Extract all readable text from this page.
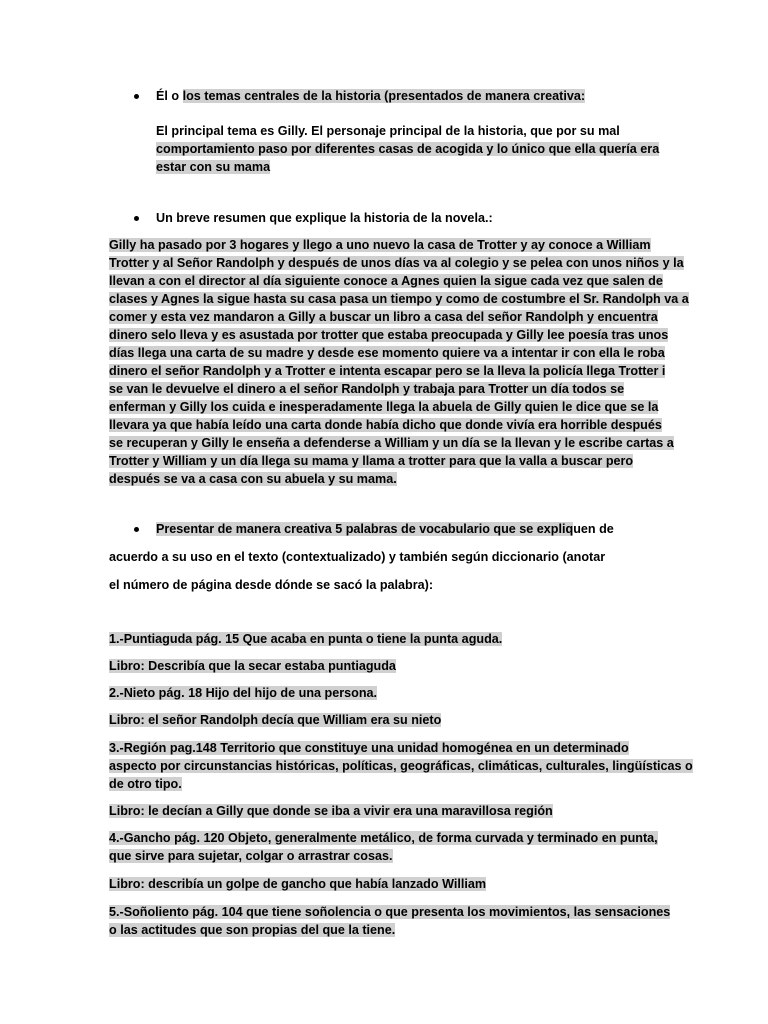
Él o los temas centrales de la historia (presentados de manera creativa:
El principal tema es Gilly. El personaje principal de la historia, que por su mal
comportamiento paso por diferentes casas de acogida y lo único que ella quería era
estar con su mama
Un breve resumen que explique la historia de la novela.:
Gilly ha pasado por 3 hogares y llego a uno nuevo la casa de Trotter y ay conoce a William
Trotter y al Señor Randolph y después de unos días va al colegio y se pelea con unos niños y la
llevan a con el director al día siguiente conoce a Agnes quien la sigue cada vez que salen de
clases y Agnes la sigue hasta su casa pasa un tiempo y como de costumbre el Sr. Randolph va a
comer y esta vez mandaron a Gilly a buscar un libro a casa del señor Randolph y encuentra
dinero selo lleva y es asustada por trotter que estaba preocupada y Gilly lee poesía tras unos
días llega una carta de su madre y desde ese momento quiere va a intentar ir con ella le roba
dinero el señor Randolph y a Trotter e intenta escapar pero se la lleva la policía llega Trotter i
se van le devuelve el dinero a el señor Randolph y trabaja para Trotter un día todos se
enferman y Gilly los cuida e inesperadamente llega la abuela de Gilly quien le dice que se la
llevara ya que había leído una carta donde había dicho que donde vivía era horrible después
se recuperan y Gilly le enseña a defenderse a William y un día se la llevan y le escribe cartas a
Trotter y William y un día llega su mama y llama a trotter para que la valla a buscar pero
después se va a casa con su abuela y su mama.
Presentar de manera creativa 5 palabras de vocabulario que se expliquen de
acuerdo a su uso en el texto (contextualizado) y también según diccionario (anotar
el número de página desde dónde se sacó la palabra):
1.-Puntiaguda pág. 15 Que acaba en punta o tiene la punta aguda.
Libro: Describía que la secar estaba puntiaguda
2.-Nieto pág. 18 Hijo del hijo de una persona.
Libro: el señor Randolph decía que William era su nieto
3.-Región pag.148 Territorio que constituye una unidad homogénea en un determinado
aspecto por circunstancias históricas, políticas, geográficas, climáticas, culturales, lingüísticas o
de otro tipo.
Libro: le decían a Gilly que donde se iba a vivir era una maravillosa región
4.-Gancho pág. 120 Objeto, generalmente metálico, de forma curvada y terminado en punta,
que sirve para sujetar, colgar o arrastrar cosas.
Libro: describía un golpe de gancho que había lanzado William
5.-Soñoliento pág. 104 que tiene soñolencia o que presenta los movimientos, las sensaciones
o las actitudes que son propias del que la tiene.
